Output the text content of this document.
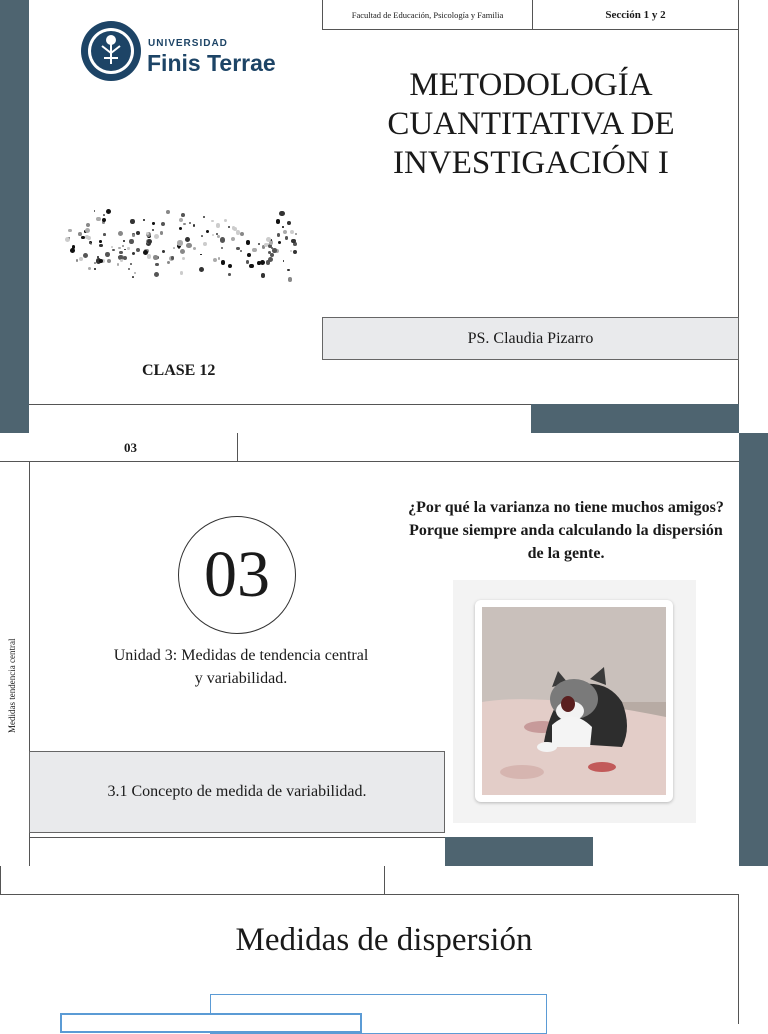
UNIVERSIDAD
Finis Terrae
Facultad de Educación, Psicología y Familia	Sección 1 y 2
METODOLOGÍA CUANTITATIVA DE INVESTIGACIÓN I
PS. Claudia Pizarro
CLASE 12
03
Medidas tendencia central
03
Unidad 3: Medidas de tendencia central y variabilidad.
3.1 Concepto de medida de variabilidad.
¿Por qué la varianza no tiene muchos amigos? Porque siempre anda calculando la dispersión de la gente.
Medidas de dispersión
